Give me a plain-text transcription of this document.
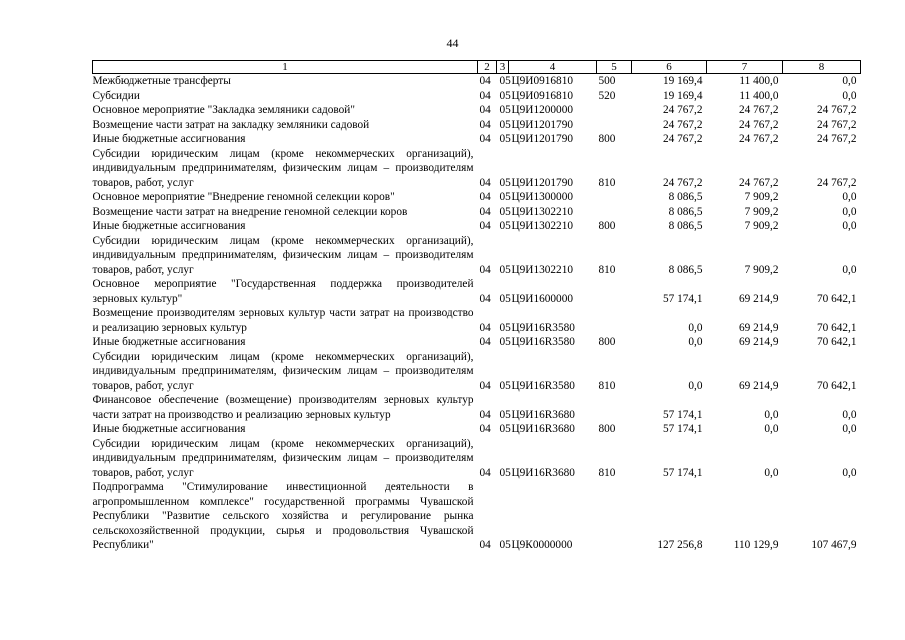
44
1	2	3	4	5	6	7	8
Межбюджетные трансферты	04	05	Ц9И0916810	500	19 169,4	11 400,0	0,0
Субсидии	04	05	Ц9И0916810	520	19 169,4	11 400,0	0,0
Основное мероприятие "Закладка земляники садовой"	04	05	Ц9И1200000		24 767,2	24 767,2	24 767,2
Возмещение части затрат на закладку земляники садовой	04	05	Ц9И1201790		24 767,2	24 767,2	24 767,2
Иные бюджетные ассигнования	04	05	Ц9И1201790	800	24 767,2	24 767,2	24 767,2
Субсидии юридическим лицам (кроме некоммерческих организаций), индивидуальным предпринимателям, физическим лицам – производителям товаров, работ, услуг	04	05	Ц9И1201790	810	24 767,2	24 767,2	24 767,2
Основное мероприятие "Внедрение геномной селекции коров"	04	05	Ц9И1300000		8 086,5	7 909,2	0,0
Возмещение части затрат на внедрение геномной селекции коров	04	05	Ц9И1302210		8 086,5	7 909,2	0,0
Иные бюджетные ассигнования	04	05	Ц9И1302210	800	8 086,5	7 909,2	0,0
Субсидии юридическим лицам (кроме некоммерческих организаций), индивидуальным предпринимателям, физическим лицам – производителям товаров, работ, услуг	04	05	Ц9И1302210	810	8 086,5	7 909,2	0,0
Основное мероприятие "Государственная поддержка производителей зерновых культур"	04	05	Ц9И1600000		57 174,1	69 214,9	70 642,1
Возмещение производителям зерновых культур части затрат на производство и реализацию зерновых культур	04	05	Ц9И16R3580		0,0	69 214,9	70 642,1
Иные бюджетные ассигнования	04	05	Ц9И16R3580	800	0,0	69 214,9	70 642,1
Субсидии юридическим лицам (кроме некоммерческих организаций), индивидуальным предпринимателям, физическим лицам – производителям товаров, работ, услуг	04	05	Ц9И16R3580	810	0,0	69 214,9	70 642,1
Финансовое обеспечение (возмещение) производителям зерновых культур части затрат на производство и реализацию зерновых культур	04	05	Ц9И16R3680		57 174,1	0,0	0,0
Иные бюджетные ассигнования	04	05	Ц9И16R3680	800	57 174,1	0,0	0,0
Субсидии юридическим лицам (кроме некоммерческих организаций), индивидуальным предпринимателям, физическим лицам – производителям товаров, работ, услуг	04	05	Ц9И16R3680	810	57 174,1	0,0	0,0
Подпрограмма "Стимулирование инвестиционной деятельности в агропромышленном комплексе" государственной программы Чувашской Республики "Развитие сельского хозяйства и регулирование рынка сельскохозяйственной продукции, сырья и продовольствия Чувашской Республики"	04	05	Ц9К0000000		127 256,8	110 129,9	107 467,9
